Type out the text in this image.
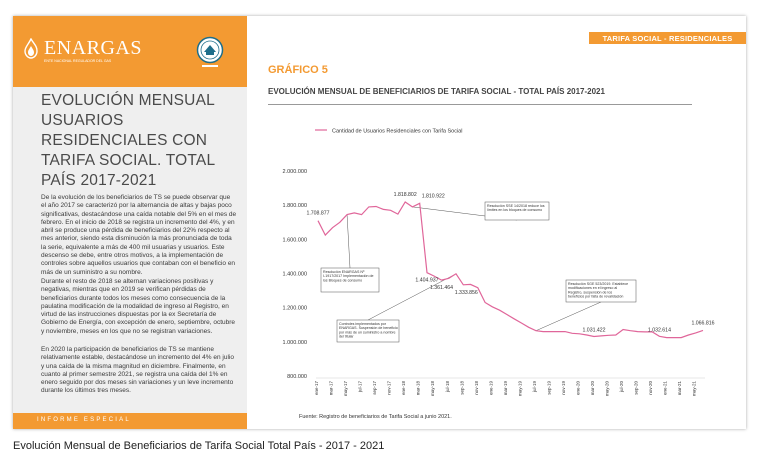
ENARGAS
ENTE NACIONAL REGULADOR DEL GAS
EVOLUCIÓN MENSUAL USUARIOS RESIDENCIALES CON TARIFA SOCIAL. TOTAL PAÍS 2017-2021

De la evolución de los beneficiarios de TS se puede observar que el año 2017 se caracterizó por la alternancia de altas y bajas poco significativas, destacándose una caída notable del 5% en el mes de febrero. En el inicio de 2018 se registra un incremento del 4%, y en abril se produce una pérdida de beneficiarios del 22% respecto al mes anterior, siendo esta disminución la más pronunciada de toda la serie, equivalente a más de 400 mil usuarias y usuarios. Este descenso se debe, entre otros motivos, a la implementación de controles sobre aquellos usuarios que contaban con el beneficio en más de un suministro a su nombre.

Durante el resto de 2018 se alternan variaciones positivas y negativas, mientras que en 2019 se verifican pérdidas de beneficiarios durante todos los meses como consecuencia de la paulatina modificación de la modalidad de ingreso al Registro, en virtud de las instrucciones dispuestas por la ex Secretaría de Gobierno de Energía, con excepción de enero, septiembre, octubre y noviembre, meses en los que no se registran variaciones.

En 2020 la participación de beneficiarios de TS se mantiene relativamente estable, destacándose un incremento del 4% en julio y una caída de la misma magnitud en diciembre. Finalmente, en cuanto al primer semestre 2021, se registra una caída del 1% en enero seguido por dos meses sin variaciones y un leve incremento durante los últimos tres meses.

INFORME ESPECIAL
TARIFA SOCIAL - RESIDENCIALES
GRÁFICO 5
EVOLUCIÓN MENSUAL DE BENEFICIARIOS DE TARIFA SOCIAL - TOTAL PAÍS 2017-2021
Cantidad de Usuarios Residenciales con Tarifa Social
800.000
1.000.000
1.200.000
1.400.000
1.600.000
1.800.000
2.000.000
ene-17 mar-17 may-17 jul-17 sep-17 nov-17 ene-18 mar-18 may-18 jul-18 sep-18 nov-18 ene-19 mar-19 may-19 jul-19 sep-19 nov-19 ene-20 mar-20 may-20 jul-20 sep-20 nov-20 ene-21 mar-21 may-21
Resolución ENARGAS Nº I-1917/2017 Implementación de los Bloques de consumo
Resolución SSE 14/2018 reduce los límites en los bloques de consumo
Controles implementados por ENARGAS. Suspensión de beneficio por más de un suministro a nombre del titular
Resolución SGE 523/2019. Establece modificaciones en el ingreso al Registro, suspensión de los beneficios por falta de revalidación
1.708.877
1.818.802 1.810.922
1.404.937
1.361.464
1.333.856
1.031.422	1.032.614
1.066.816
Fuente: Registro de beneficiarios de Tarifa Social a junio 2021.
Evolución Mensual de Beneficiarios de Tarifa Social Total País - 2017 - 2021
